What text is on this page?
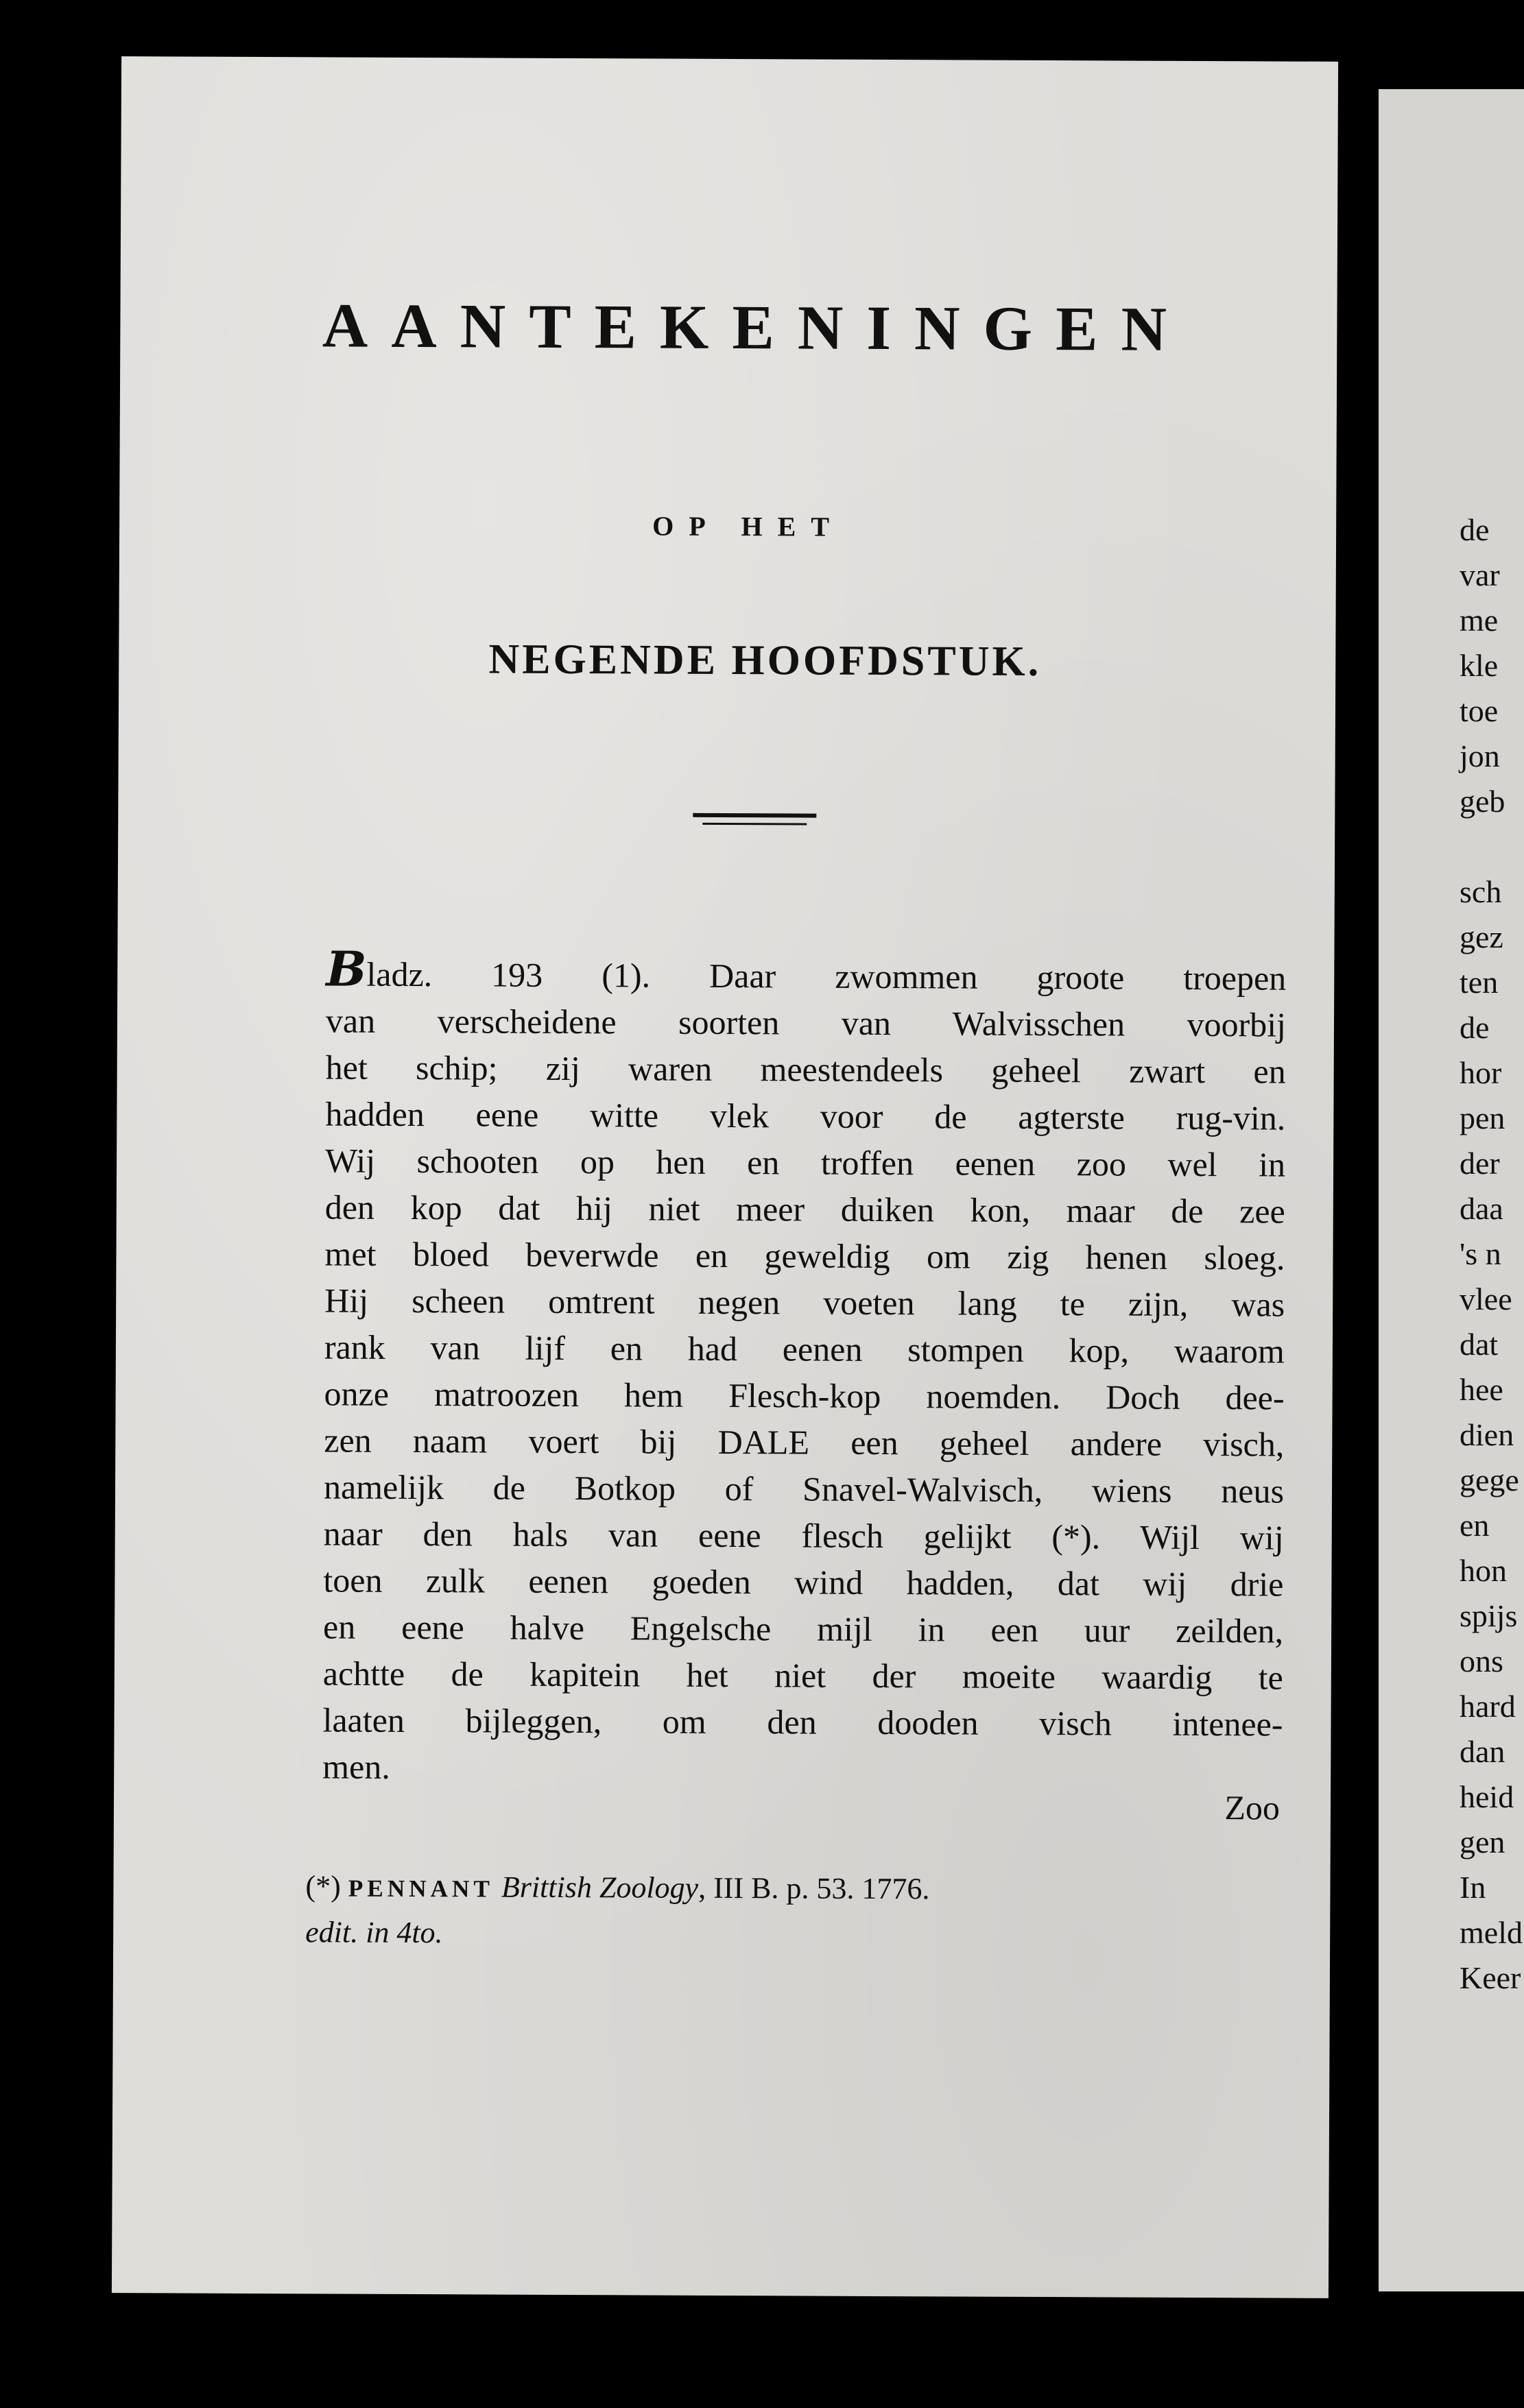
AANTEKENINGEN
OP HET
NEGENDE HOOFDSTUK.
Bladz. 193 (1). Daar zwommen groote troepen
van verscheidene soorten van Walvisschen voorbij
het schip; zij waren meestendeels geheel zwart en
hadden eene witte vlek voor de agterste rug-vin.
Wij schooten op hen en troffen eenen zoo wel in
den kop dat hij niet meer duiken kon, maar de zee
met bloed beverwde en geweldig om zig henen sloeg.
Hij scheen omtrent negen voeten lang te zijn, was
rank van lijf en had eenen stompen kop, waarom
onze matroozen hem Flesch-kop noemden. Doch dee-
zen naam voert bij DALE een geheel andere visch,
namelijk de Botkop of Snavel-Walvisch, wiens neus
naar den hals van eene flesch gelijkt (*). Wijl wij
toen zulk eenen goeden wind hadden, dat wij drie
en eene halve Engelsche mijl in een uur zeilden,
achtte de kapitein het niet der moeite waardig te
laaten bijleggen, om den dooden visch intenee-
men.
Zoo
(*) PENNANT Brittish Zoology, III B. p. 53. 1776.
edit. in 4to.
de
var
me
kle
toe
jon
geb

sch
gez
ten
de
hor
pen
der
daa
's n
vlee
dat
hee
dien
gege
en
hon
spijs
ons
hard
dan
heid
gen
In
meld
Keer
